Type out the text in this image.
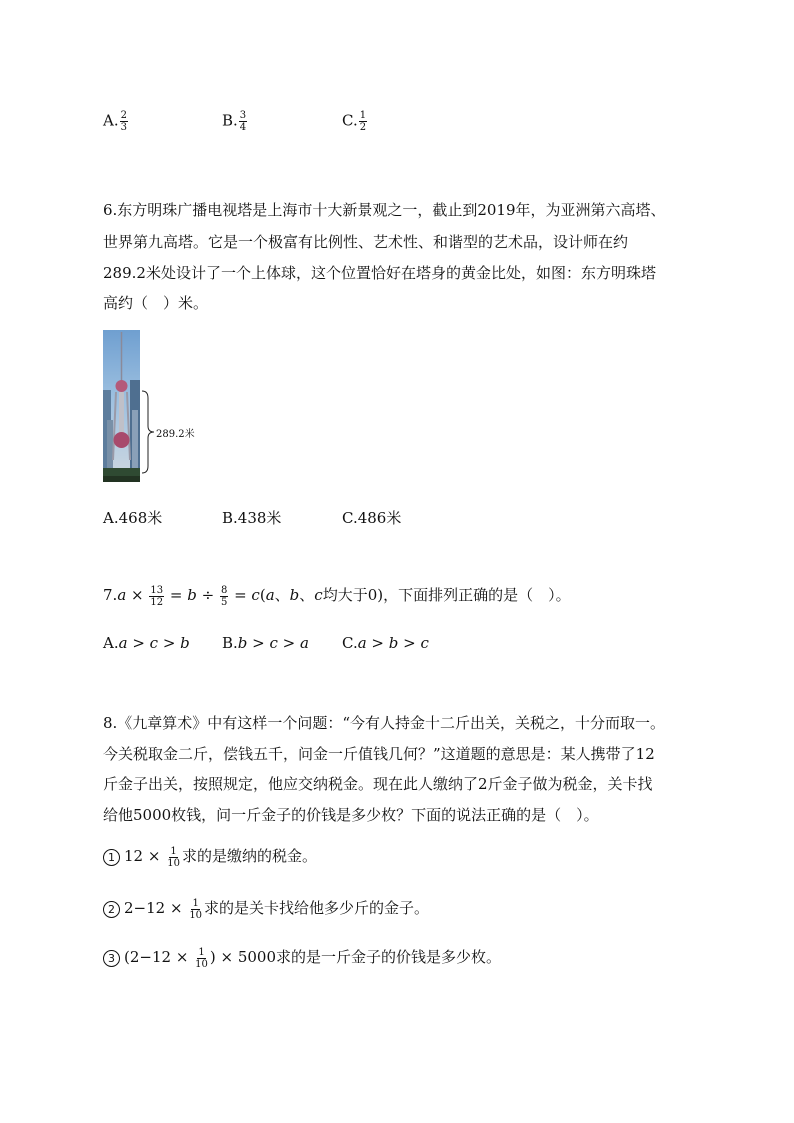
A. $\frac{2}{3}$	B. $\frac{3}{4}$	C. $\frac{1}{2}$
6.东方明珠广播电视塔是上海市十大新景观之一，截止到2019年，为亚洲第六高塔、
世界第九高塔。它是一个极富有比例性、艺术性、和谐型的艺术品，设计师在约
289.2米处设计了一个上体球，这个位置恰好在塔身的黄金比处，如图：东方明珠塔
高约（　）米。
289.2米
A.468米	B.438米	C.486米
$7.a \times \frac{13}{12} = b \div \frac{8}{5} = c(a$、b、c均大于0)，下面排列正确的是（　）。
A.a > c > b B.b > c > a C.a > b > c
8.《九章算术》中有这样一个问题：“今有人持金十二斤出关，关税之，十分而取一。
今关税取金二斤，偿钱五千，问金一斤值钱几何？”这道题的意思是：某人携带了12
斤金子出关，按照规定，他应交纳税金。现在此人缴纳了2斤金子做为税金，关卡找
给他5000枚钱，问一斤金子的价钱是多少枚？下面的说法正确的是（　）。
1 $12 \times \frac{1}{10}$ 求的是缴纳的税金。
2 $2-12 \times \frac{1}{10}$ 求的是关卡找给他多少斤的金子。
3 ($2-12 \times \frac{1}{10}$ ) × 5000求的是一斤金子的价钱是多少枚。
